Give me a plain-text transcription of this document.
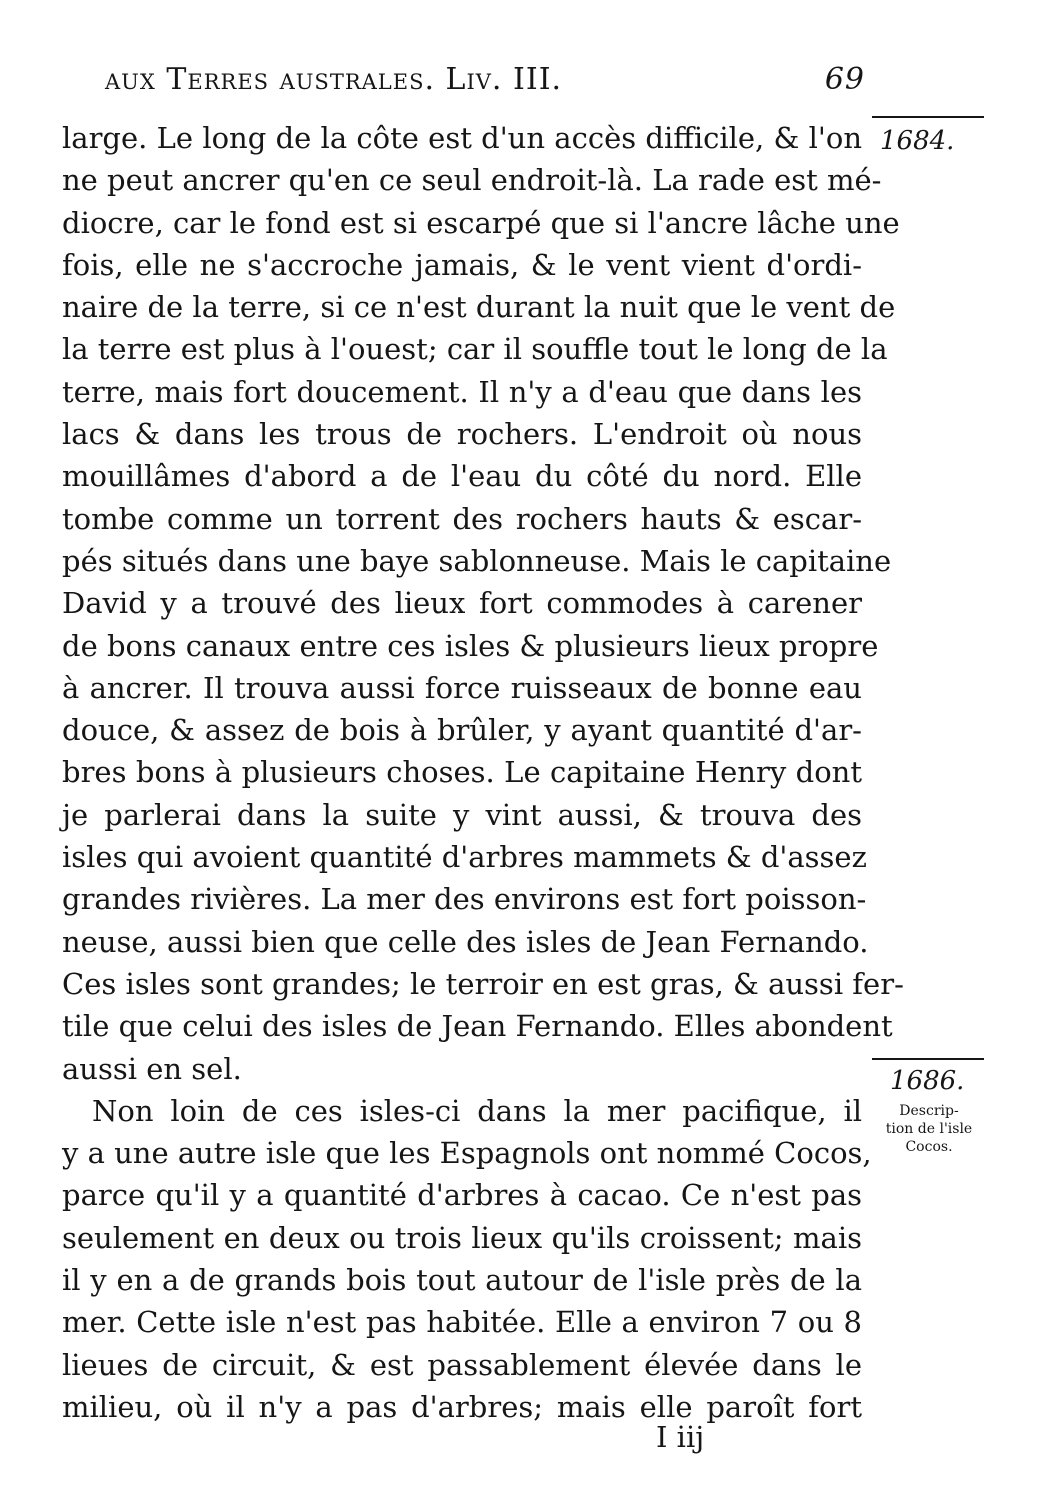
aux Terres australes. Liv. III.	69
1684.
1686.
Descrip-
tion de l'isle
Cocos.
large. Le long de la côte est d'un accès difficile, & l'on
ne peut ancrer qu'en ce seul endroit-là. La rade est mé-
diocre, car le fond est si escarpé que si l'ancre lâche une
fois, elle ne s'accroche jamais, & le vent vient d'ordi-
naire de la terre, si ce n'est durant la nuit que le vent de
la terre est plus à l'ouest; car il souffle tout le long de la
terre, mais fort doucement. Il n'y a d'eau que dans les
lacs & dans les trous de rochers. L'endroit où nous
mouillâmes d'abord a de l'eau du côté du nord. Elle
tombe comme un torrent des rochers hauts & escar-
pés situés dans une baye sablonneuse. Mais le capitaine
David y a trouvé des lieux fort commodes à carener
de bons canaux entre ces isles & plusieurs lieux propre
à ancrer. Il trouva aussi force ruisseaux de bonne eau
douce, & assez de bois à brûler, y ayant quantité d'ar-
bres bons à plusieurs choses. Le capitaine Henry dont
je parlerai dans la suite y vint aussi, & trouva des
isles qui avoient quantité d'arbres mammets & d'assez
grandes rivières. La mer des environs est fort poisson-
neuse, aussi bien que celle des isles de Jean Fernando.
Ces isles sont grandes; le terroir en est gras, & aussi fer-
tile que celui des isles de Jean Fernando. Elles abondent
aussi en sel.
Non loin de ces isles-ci dans la mer pacifique, il
y a une autre isle que les Espagnols ont nommé Cocos,
parce qu'il y a quantité d'arbres à cacao. Ce n'est pas
seulement en deux ou trois lieux qu'ils croissent; mais
il y en a de grands bois tout autour de l'isle près de la
mer. Cette isle n'est pas habitée. Elle a environ 7 ou 8
lieues de circuit, & est passablement élevée dans le
milieu, où il n'y a pas d'arbres; mais elle paroît fort
I iij
